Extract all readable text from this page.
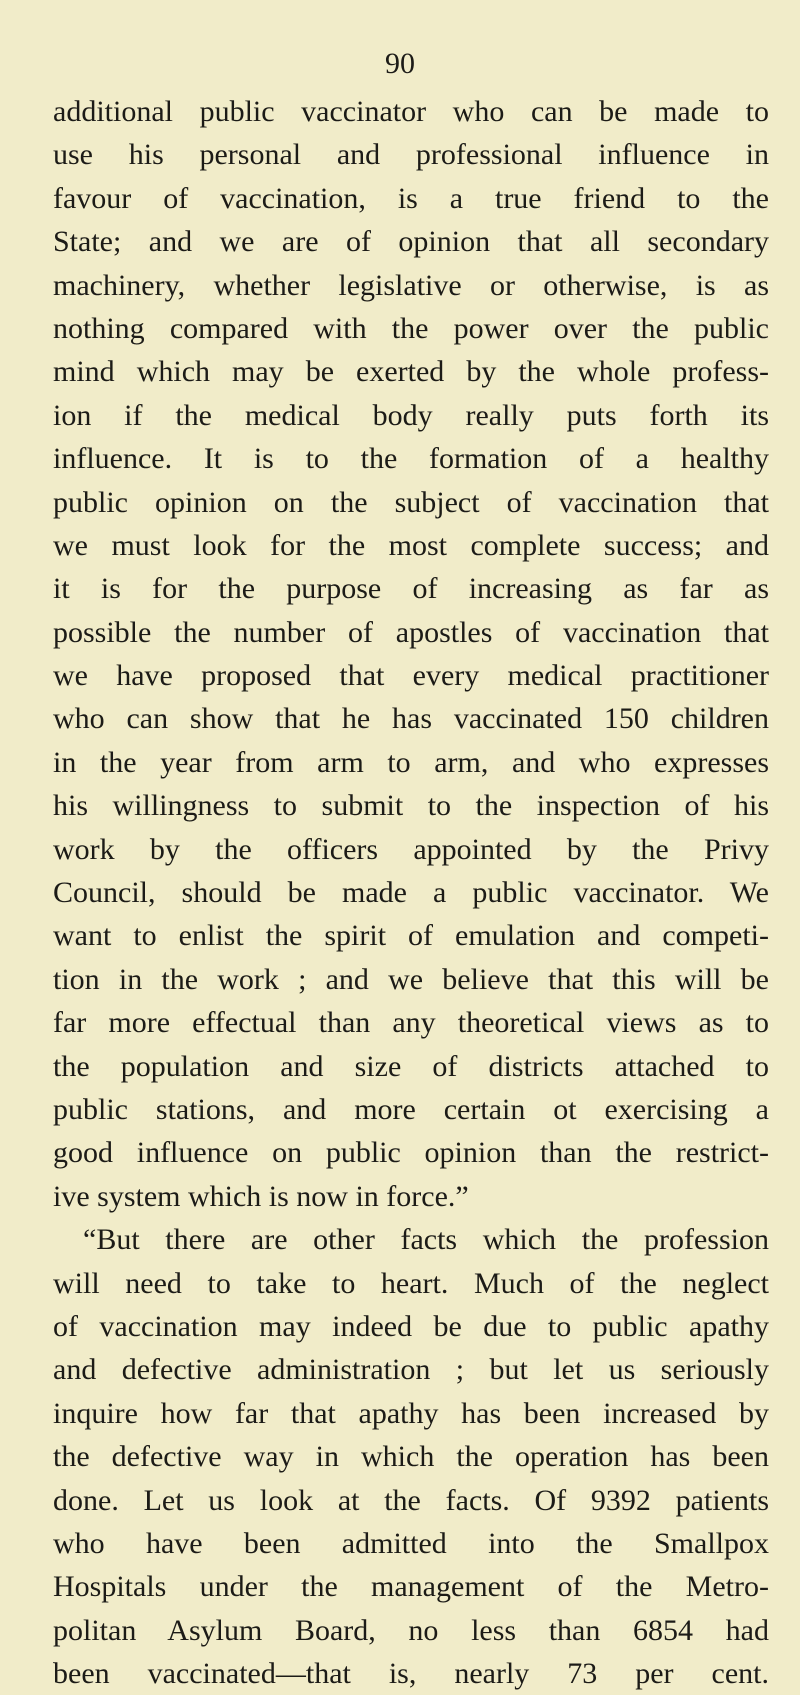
90
additional public vaccinator who can be made to
use his personal and professional influence in
favour of vaccination, is a true friend to the
State; and we are of opinion that all secondary
machinery, whether legislative or otherwise, is as
nothing compared with the power over the public
mind which may be exerted by the whole profess-
ion if the medical body really puts forth its
influence. It is to the formation of a healthy
public opinion on the subject of vaccination that
we must look for the most complete success; and
it is for the purpose of increasing as far as
possible the number of apostles of vaccination that
we have proposed that every medical practitioner
who can show that he has vaccinated 150 children
in the year from arm to arm, and who expresses
his willingness to submit to the inspection of his
work by the officers appointed by the Privy
Council, should be made a public vaccinator. We
want to enlist the spirit of emulation and competi-
tion in the work ; and we believe that this will be
far more effectual than any theoretical views as to
the population and size of districts attached to
public stations, and more certain ot exercising a
good influence on public opinion than the restrict-
ive system which is now in force.”
“But there are other facts which the profession
will need to take to heart. Much of the neglect
of vaccination may indeed be due to public apathy
and defective administration ; but let us seriously
inquire how far that apathy has been increased by
the defective way in which the operation has been
done. Let us look at the facts. Of 9392 patients
who have been admitted into the Smallpox
Hospitals under the management of the Metro-
politan Asylum Board, no less than 6854 had
been vaccinated—that is, nearly 73 per cent.
